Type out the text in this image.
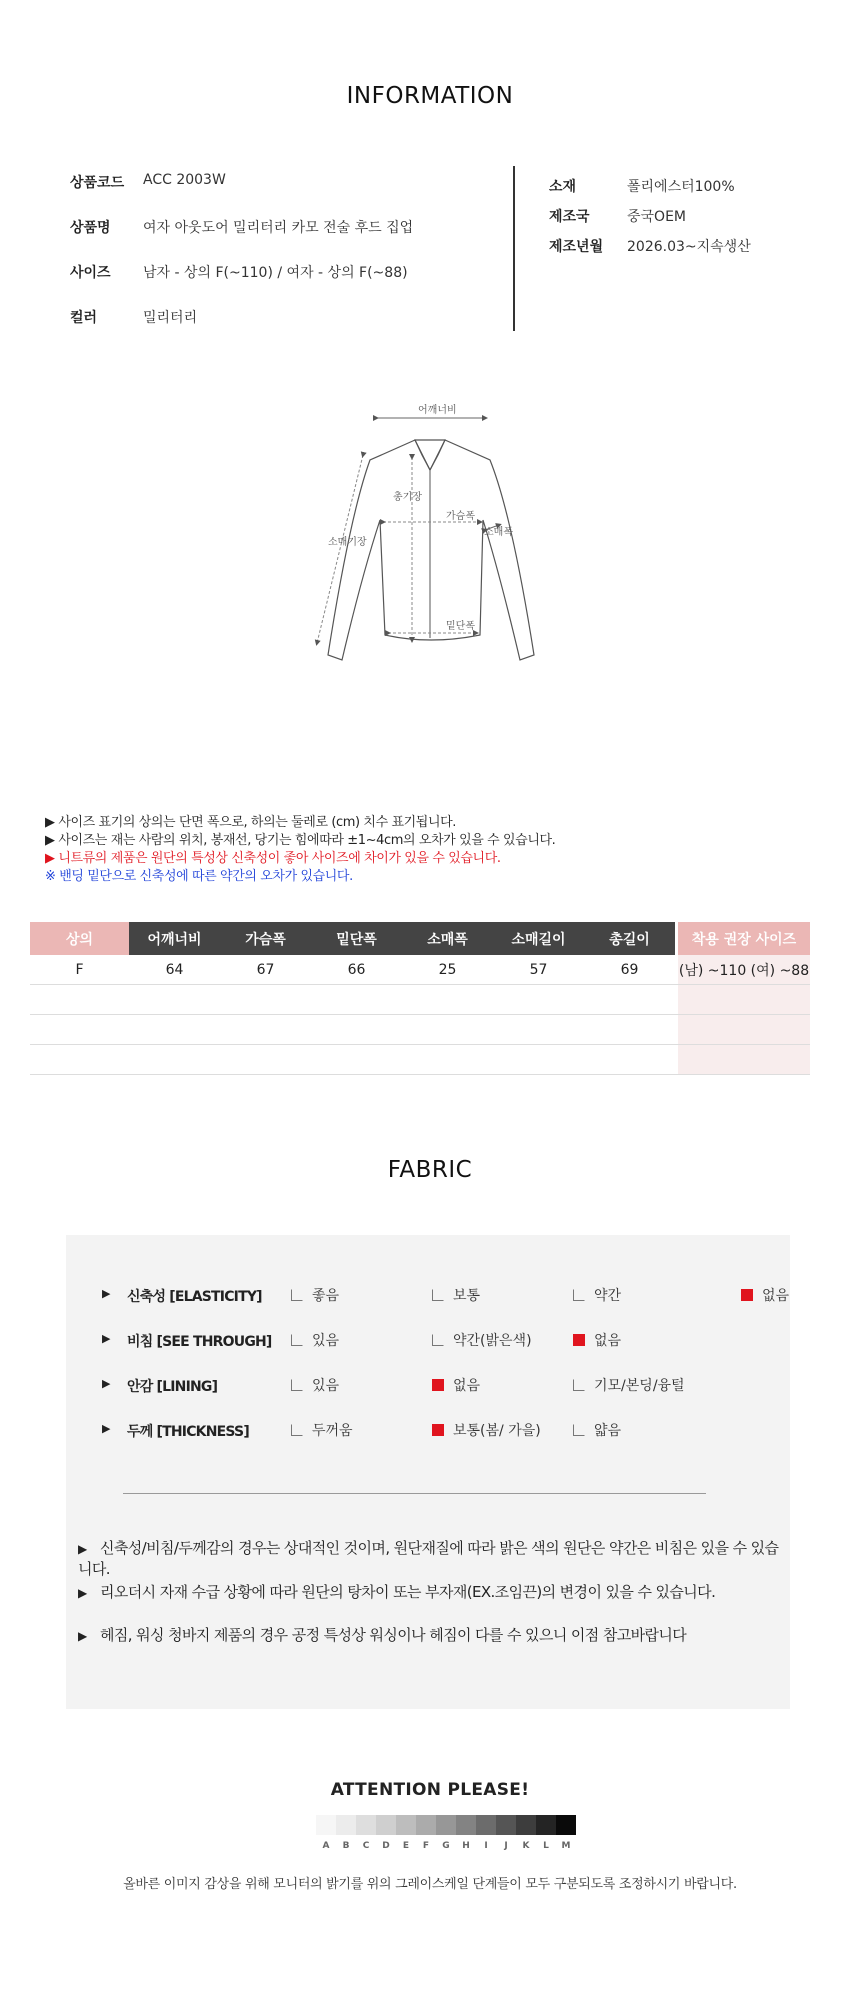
INFORMATION
상품코드	ACC 2003W
상품명	여자 아웃도어 밀리터리 카모 전술 후드 집업
사이즈	남자 - 상의 F(~110) / 여자 - 상의 F(~88)
컬러	밀리터리
소재	폴리에스터100%
제조국	중국OEM
제조년월	2026.03~지속생산
어깨너비
총기장
소매기장
가슴폭
소매폭
밑단폭
▶ 사이즈 표기의 상의는 단면 폭으로, 하의는 둘레로 (cm) 치수 표기됩니다.
▶ 사이즈는 재는 사람의 위치, 봉재선, 당기는 힘에따라 ±1~4cm의 오차가 있을 수 있습니다.
▶ 니트류의 제품은 원단의 특성상 신축성이 좋아 사이즈에 차이가 있을 수 있습니다.
※ 밴딩 밑단으로 신축성에 따른 약간의 오차가 있습니다.
상의	어깨너비	가슴폭	밑단폭	소매폭	소매길이	총길이	착용 권장 사이즈
F	64	67	66	25	57	69	(남) ~110 (여) ~88
FABRIC
▶ 신축성 [ELASTICITY]	좋음	보통	약간	없음
▶ 비침 [SEE THROUGH]	있음	약간(밝은색)	없음
▶ 안감 [LINING]	있음	없음	기모/본딩/융털
▶ 두께 [THICKNESS]	두꺼움	보통(봄/ 가을)	얇음
▶ 신축성/비침/두께감의 경우는 상대적인 것이며, 원단재질에 따라 밝은 색의 원단은 약간은 비침은 있을 수 있습니다.
▶ 리오더시 자재 수급 상황에 따라 원단의 탕차이 또는 부자재(EX.조임끈)의 변경이 있을 수 있습니다.
▶ 헤짐, 워싱 청바지 제품의 경우 공정 특성상 워싱이나 헤짐이 다를 수 있으니 이점 참고바랍니다
ATTENTION PLEASE!
A	B	C	D	E	F	G	H	I	J	K	L	M
올바른 이미지 감상을 위해 모니터의 밝기를 위의 그레이스케일 단계들이 모두 구분되도록 조정하시기 바랍니다.
